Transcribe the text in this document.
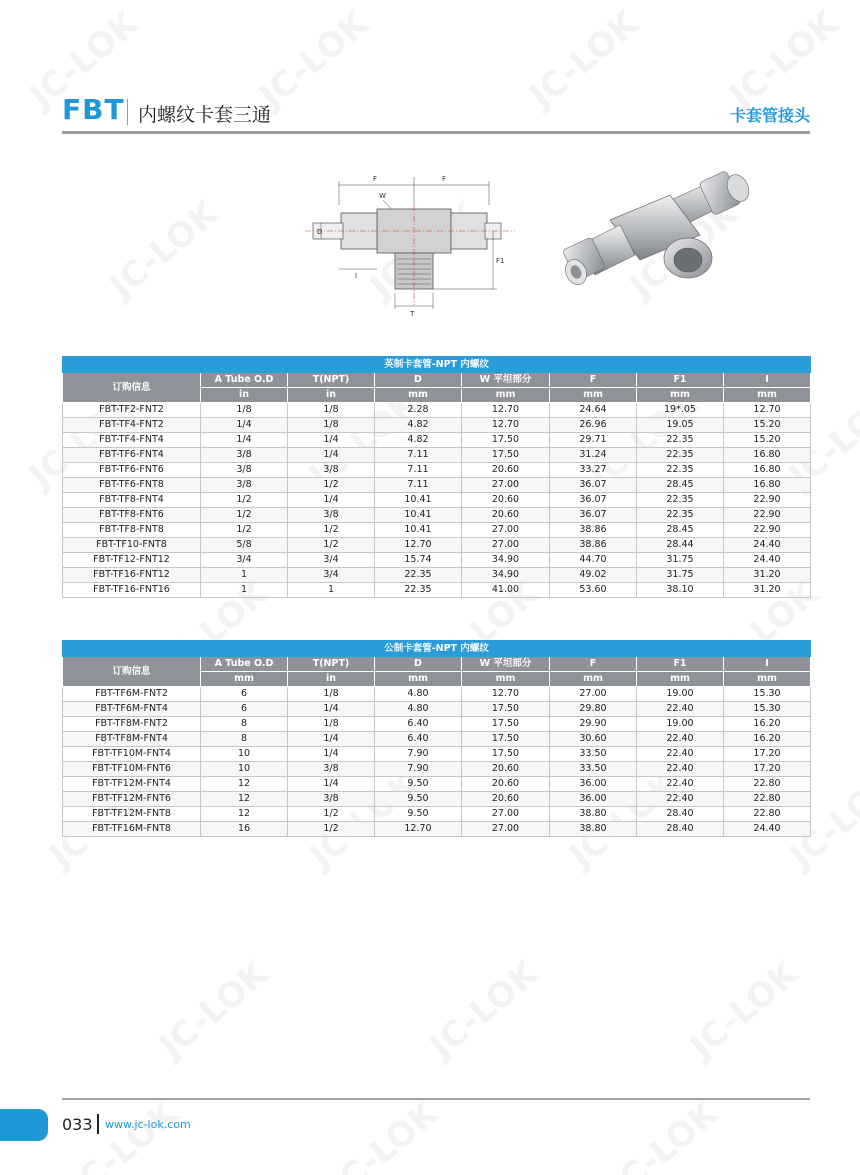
FBT 内螺纹卡套三通	卡套管接头
F	F
W
D
I
F1
T
英制卡套管-NPT 内螺纹							
订购信息	A Tube O.D	T(NPT)	D	W 平坦部分	F	F1	I
	in	in	mm	mm	mm	mm	mm
FBT-TF2-FNT2	1/8	1/8	2.28	12.70	24.64	19*.05	12.70
FBT-TF4-FNT2	1/4	1/8	4.82	12.70	26.96	19.05	15.20
FBT-TF4-FNT4	1/4	1/4	4.82	17.50	29.71	22.35	15.20
FBT-TF6-FNT4	3/8	1/4	7.11	17.50	31.24	22.35	16.80
FBT-TF6-FNT6	3/8	3/8	7.11	20.60	33.27	22.35	16.80
FBT-TF6-FNT8	3/8	1/2	7.11	27.00	36.07	28.45	16.80
FBT-TF8-FNT4	1/2	1/4	10.41	20.60	36.07	22.35	22.90
FBT-TF8-FNT6	1/2	3/8	10.41	20.60	36.07	22.35	22.90
FBT-TF8-FNT8	1/2	1/2	10.41	27.00	38.86	28.45	22.90
FBT-TF10-FNT8	5/8	1/2	12.70	27.00	38.86	28.44	24.40
FBT-TF12-FNT12	3/4	3/4	15.74	34.90	44.70	31.75	24.40
FBT-TF16-FNT12	1	3/4	22.35	34.90	49.02	31.75	31.20
FBT-TF16-FNT16	1	1	22.35	41.00	53.60	38.10	31.20
公制卡套管-NPT 内螺纹							
订购信息	A Tube O.D	T(NPT)	D	W 平坦部分	F	F1	I
	mm	in	mm	mm	mm	mm	mm
FBT-TF6M-FNT2	6	1/8	4.80	12.70	27.00	19.00	15.30
FBT-TF6M-FNT4	6	1/4	4.80	17.50	29.80	22.40	15.30
FBT-TF8M-FNT2	8	1/8	6.40	17.50	29.90	19.00	16.20
FBT-TF8M-FNT4	8	1/4	6.40	17.50	30.60	22.40	16.20
FBT-TF10M-FNT4	10	1/4	7.90	17.50	33.50	22.40	17.20
FBT-TF10M-FNT6	10	3/8	7.90	20.60	33.50	22.40	17.20
FBT-TF12M-FNT4	12	1/4	9.50	20.60	36.00	22.40	22.80
FBT-TF12M-FNT6	12	3/8	9.50	20.60	36.00	22.40	22.80
FBT-TF12M-FNT8	12	1/2	9.50	27.00	38.80	28.40	22.80
FBT-TF16M-FNT8	16	1/2	12.70	27.00	38.80	28.40	24.40
033 www.jc-lok.com
